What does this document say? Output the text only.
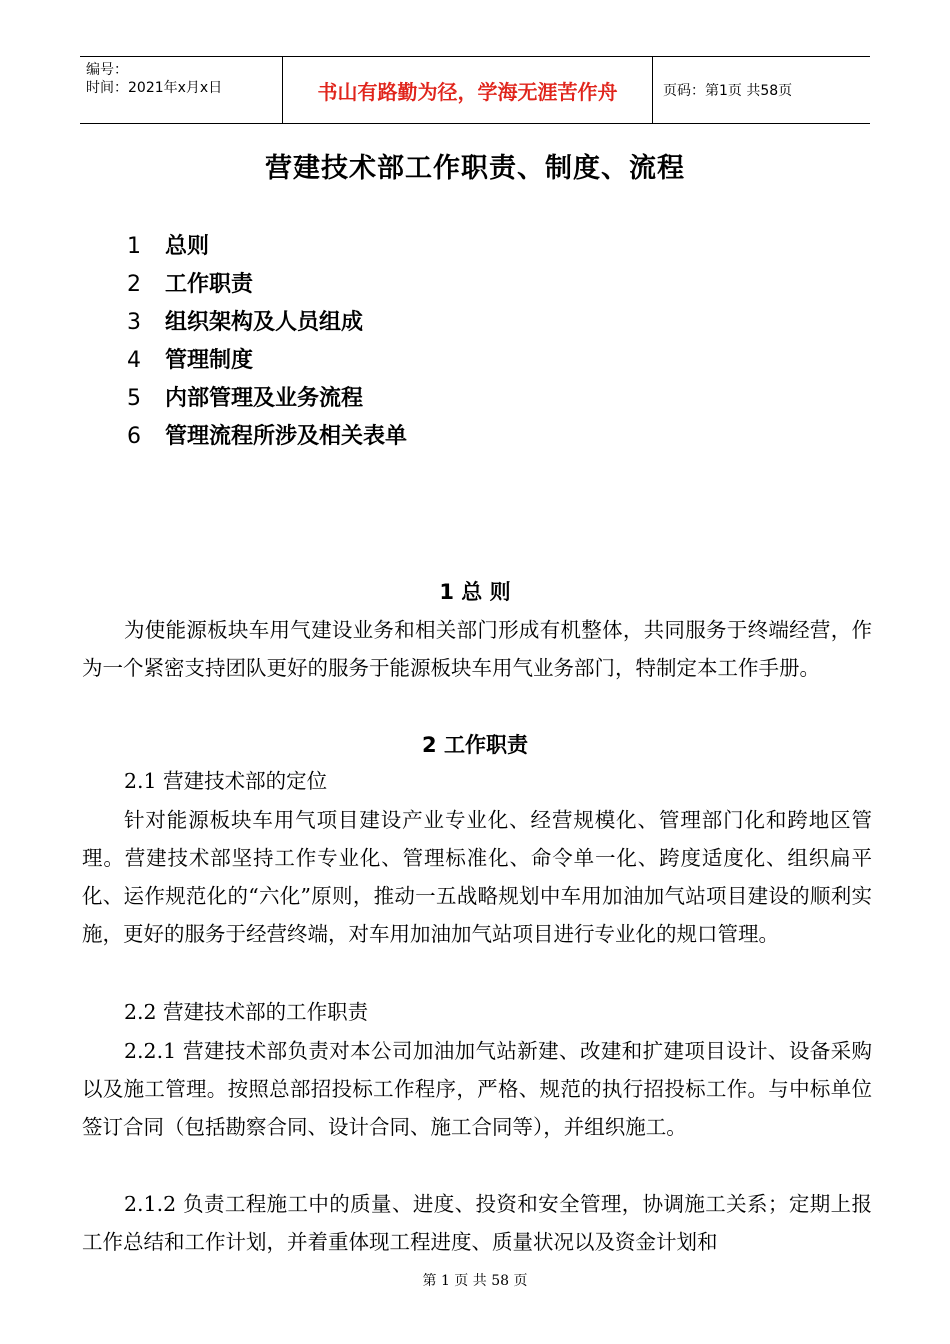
编号：
时间：2021年x月x日	书山有路勤为径，学海无涯苦作舟	页码：第1页 共58页
营建技术部工作职责、制度、流程
1	总则
2	工作职责
3	组织架构及人员组成
4	管理制度
5	内部管理及业务流程
6	管理流程所涉及相关表单
1 总 则
为使能源板块车用气建设业务和相关部门形成有机整体，共同服务于终端经营，作为一个紧密支持团队更好的服务于能源板块车用气业务部门，特制定本工作手册。
2 工作职责
2.1 营建技术部的定位
针对能源板块车用气项目建设产业专业化、经营规模化、管理部门化和跨地区管理。营建技术部坚持工作专业化、管理标准化、命令单一化、跨度适度化、组织扁平化、运作规范化的“六化”原则，推动一五战略规划中车用加油加气站项目建设的顺利实施，更好的服务于经营终端，对车用加油加气站项目进行专业化的规口管理。
2.2 营建技术部的工作职责
2.2.1 营建技术部负责对本公司加油加气站新建、改建和扩建项目设计、设备采购以及施工管理。按照总部招投标工作程序，严格、规范的执行招投标工作。与中标单位签订合同（包括勘察合同、设计合同、施工合同等），并组织施工。
2.1.2 负责工程施工中的质量、进度、投资和安全管理，协调施工关系；定期上报工作总结和工作计划，并着重体现工程进度、质量状况以及资金计划和
第 1 页 共 58 页
